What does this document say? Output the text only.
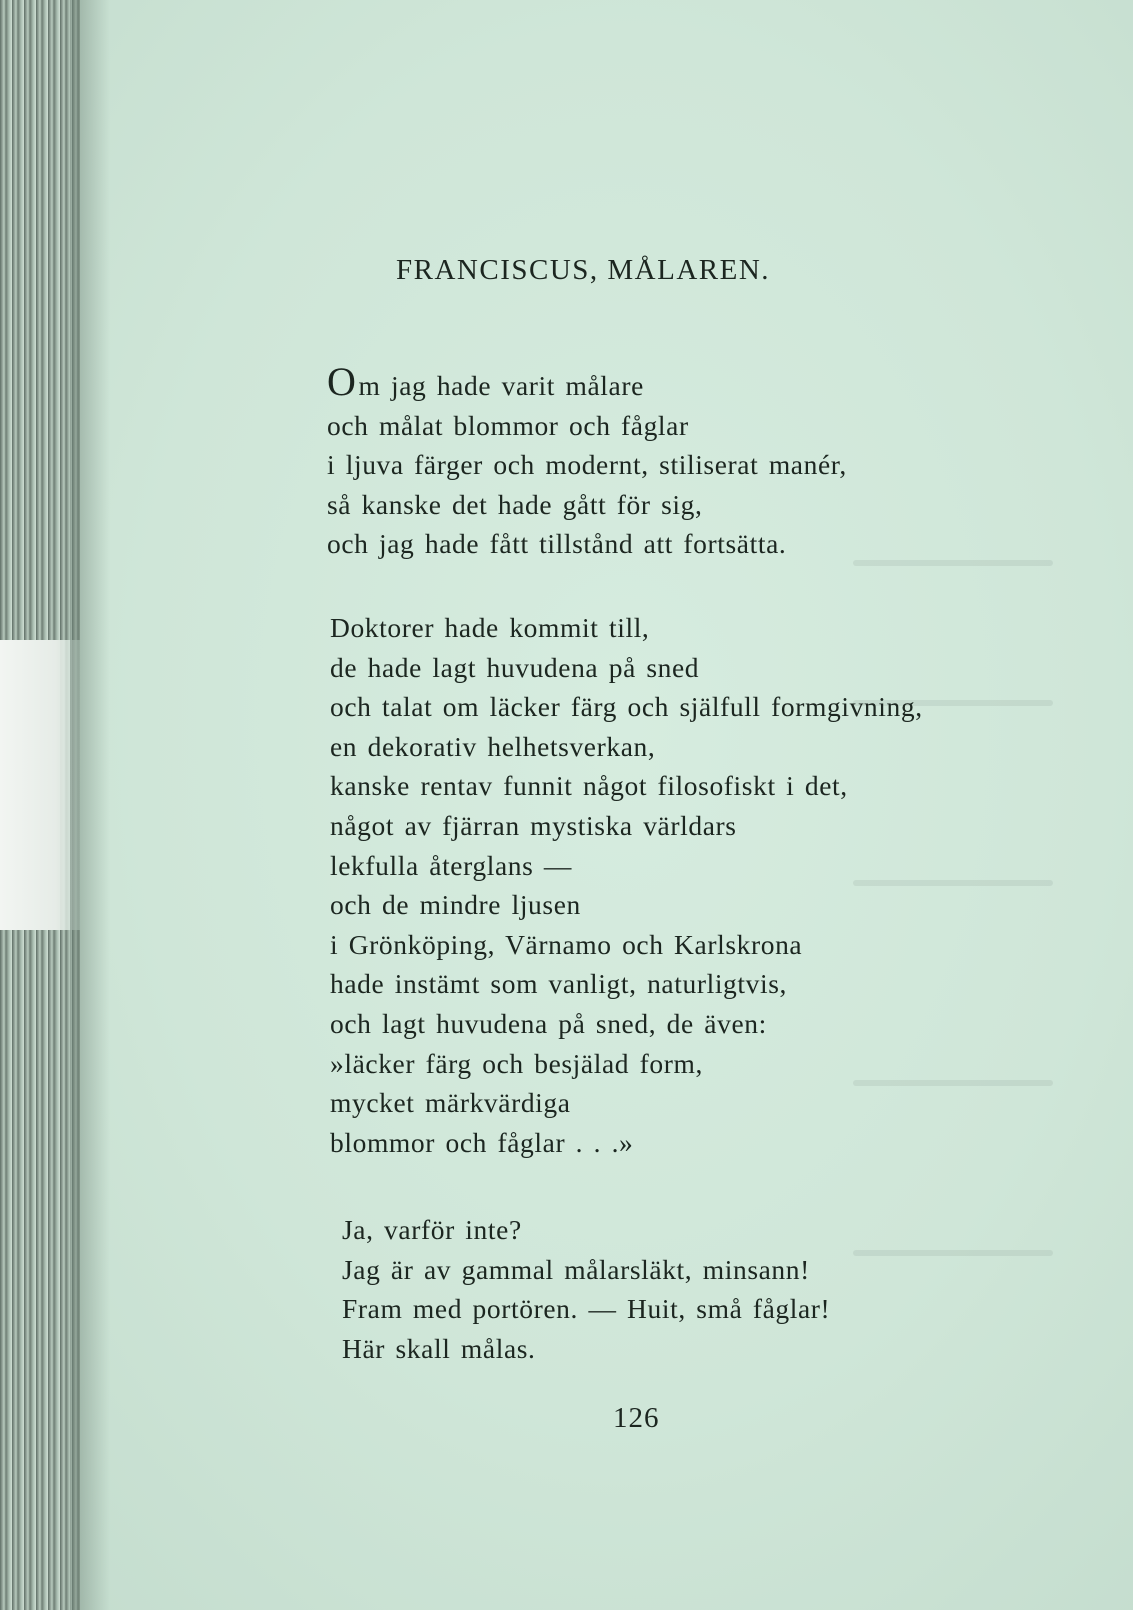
FRANCISCUS, MÅLAREN.
Om jag hade varit målare
och målat blommor och fåglar
i ljuva färger och modernt, stiliserat manér,
så kanske det hade gått för sig,
och jag hade fått tillstånd att fortsätta.
Doktorer hade kommit till,
de hade lagt huvudena på sned
och talat om läcker färg och själfull formgivning,
en dekorativ helhetsverkan,
kanske rentav funnit något filosofiskt i det,
något av fjärran mystiska världars
lekfulla återglans —
och de mindre ljusen
i Grönköping, Värnamo och Karlskrona
hade instämt som vanligt, naturligtvis,
och lagt huvudena på sned, de även:
»läcker färg och besjälad form,
mycket märkvärdiga
blommor och fåglar . . .»
Ja, varför inte?
Jag är av gammal målarsläkt, minsann!
Fram med portören. — Huit, små fåglar!
Här skall målas.
126
